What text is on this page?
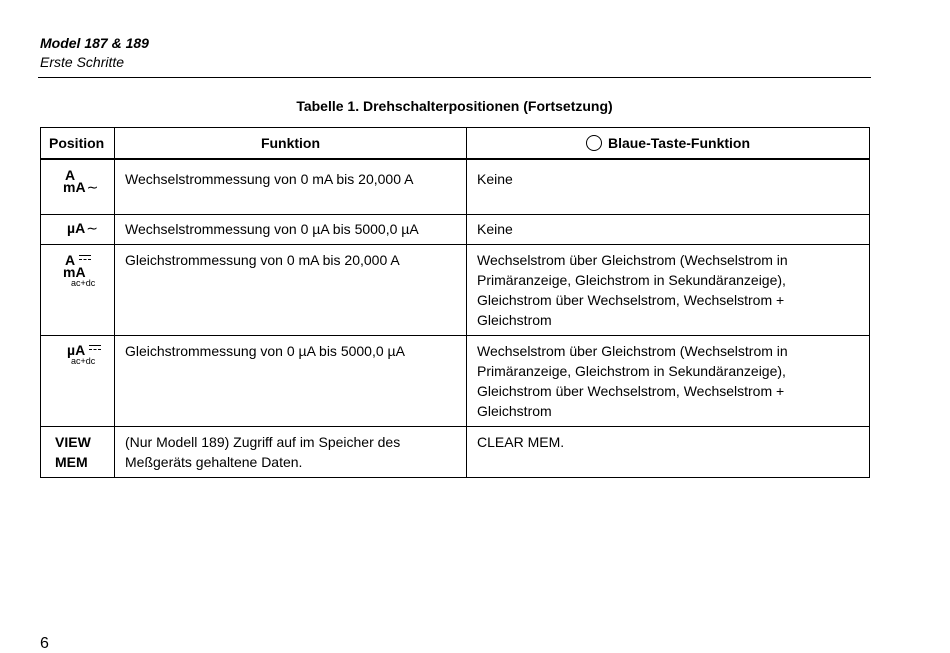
Model 187 & 189
Erste Schritte
Tabelle 1. Drehschalterpositionen (Fortsetzung)
Position	Funktion	Blaue-Taste-Funktion

A
mA∼	Wechselstrommessung von 0 mA bis 20,000 A	Keine

µA∼	Wechselstrommessung von 0 µA bis 5000,0 µA	Keine

A
mA
ac+dc	Gleichstrommessung von 0 mA bis 20,000 A	Wechselstrom über Gleichstrom (Wechselstrom in Primäranzeige, Gleichstrom in Sekundäranzeige), Gleichstrom über Wechselstrom, Wechselstrom + Gleichstrom

µA
ac+dc	Gleichstrommessung von 0 µA bis 5000,0 µA	Wechselstrom über Gleichstrom (Wechselstrom in Primäranzeige, Gleichstrom in Sekundäranzeige), Gleichstrom über Wechselstrom, Wechselstrom + Gleichstrom

VIEW
MEM	(Nur Modell 189) Zugriff auf im Speicher des Meßgeräts gehaltene Daten.	CLEAR MEM.
6
